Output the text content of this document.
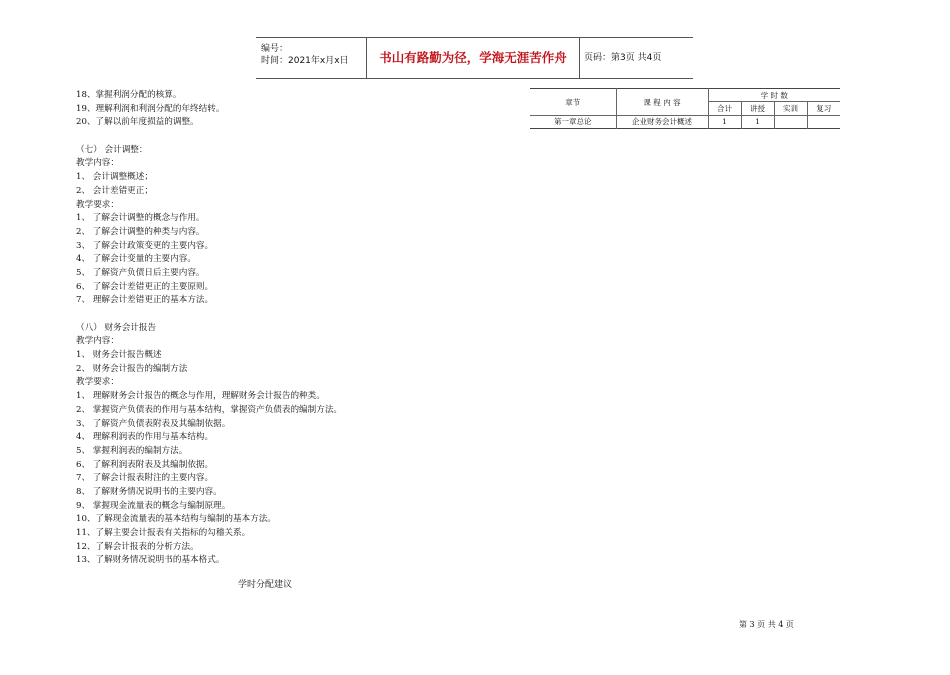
编号：
时间：2021年x月x日	书山有路勤为径，学海无涯苦作舟	页码：第3页 共4页
18、掌握利润分配的核算。
19、理解利润和利润分配的年终结转。
20、了解以前年度损益的调整。
（七） 会计调整：
教学内容：
1、 会计调整概述；
2、 会计差错更正；
教学要求：
1、 了解会计调整的概念与作用。
2、 了解会计调整的种类与内容。
3、 了解会计政策变更的主要内容。
4、 了解会计变量的主要内容。
5、 了解资产负债日后主要内容。
6、 了解会计差错更正的主要原则。
7、 理解会计差错更正的基本方法。
（八） 财务会计报告
教学内容：
1、 财务会计报告概述
2、 财务会计报告的编制方法
教学要求：
1、 理解财务会计报告的概念与作用，理解财务会计报告的种类。
2、 掌握资产负债表的作用与基本结构，掌握资产负债表的编制方法。
3、 了解资产负债表附表及其编制依据。
4、 理解利润表的作用与基本结构。
5、 掌握利润表的编制方法。
6、 了解利润表附表及其编制依据。
7、 了解会计报表附注的主要内容。
8、 了解财务情况说明书的主要内容。
9、 掌握现金流量表的概念与编制原理。
10、了解现金流量表的基本结构与编制的基本方法。
11、了解主要会计报表有关指标的勾稽关系。
12、了解会计报表的分析方法。
13、了解财务情况说明书的基本格式。
章节	课 程 内 容	学 时 数			
		合计	讲授	实训	复习
第一章总论	企业财务会计概述	1	1		
学时分配建议
第 3 页 共 4 页
